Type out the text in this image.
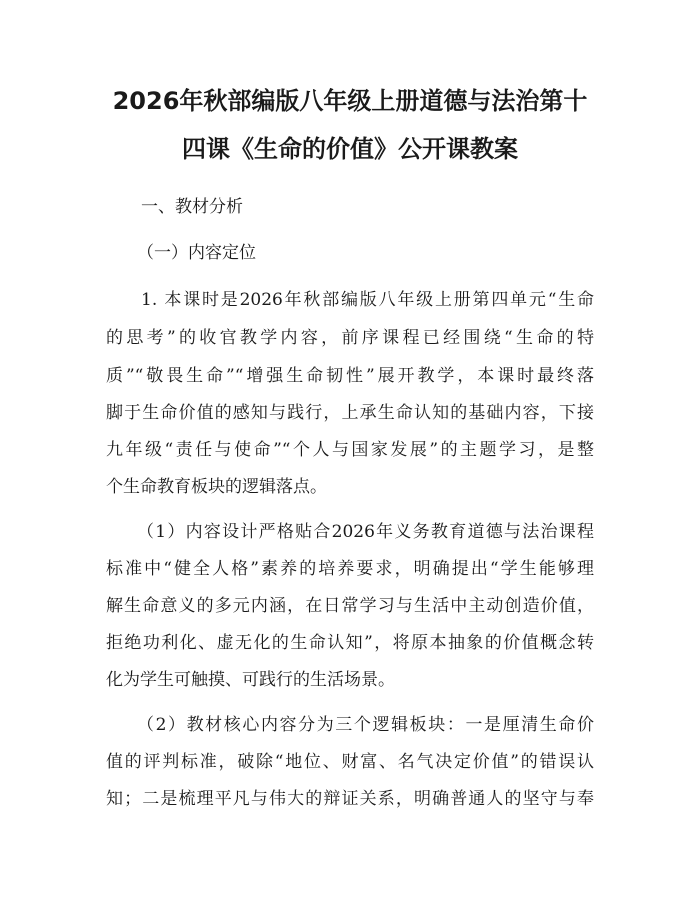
2026年秋部编版八年级上册道德与法治第十
四课《生命的价值》公开课教案

一、教材分析

（一）内容定位

1. 本课时是2026年秋部编版八年级上册第四单元“生命

的思考”的收官教学内容，前序课程已经围绕“生命的特

质”“敬畏生命”“增强生命韧性”展开教学，本课时最终落

脚于生命价值的感知与践行，上承生命认知的基础内容，下接

九年级“责任与使命”“个人与国家发展”的主题学习，是整

个生命教育板块的逻辑落点。

（1）内容设计严格贴合2026年义务教育道德与法治课程

标准中“健全人格”素养的培养要求，明确提出“学生能够理

解生命意义的多元内涵，在日常学习与生活中主动创造价值，

拒绝功利化、虚无化的生命认知”，将原本抽象的价值概念转

化为学生可触摸、可践行的生活场景。

（2）教材核心内容分为三个逻辑板块：一是厘清生命价

值的评判标准，破除“地位、财富、名气决定价值”的错误认

知；二是梳理平凡与伟大的辩证关系，明确普通人的坚守与奉
